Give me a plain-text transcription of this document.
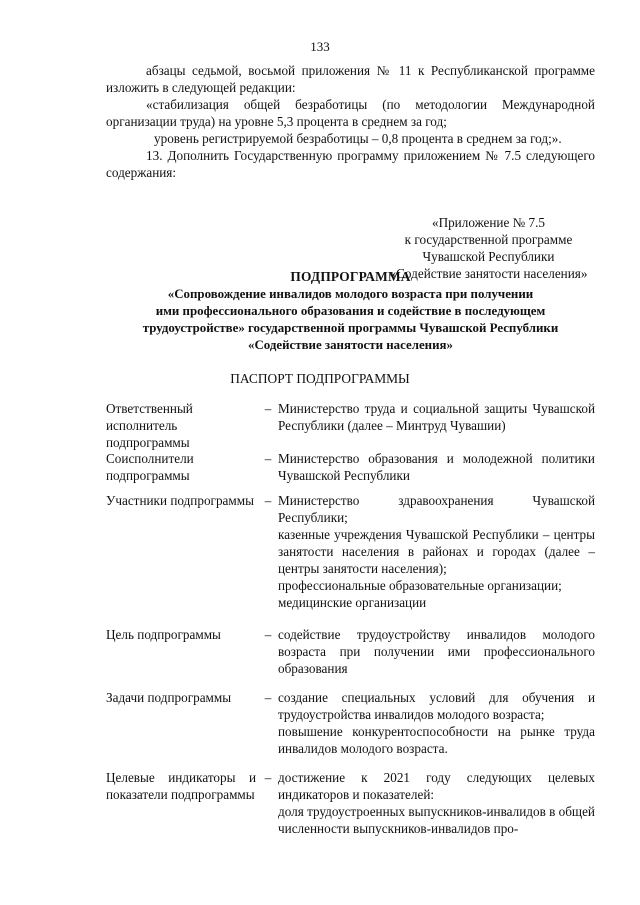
133

абзацы седьмой, восьмой приложения № 11 к Республиканской программе изложить в следующей редакции:

«стабилизация общей безработицы (по методологии Международной организации труда) на уровне 5,3 процента в среднем за год;

уровень регистрируемой безработицы – 0,8 процента в среднем за год;».

13. Дополнить Государственную программу приложением № 7.5 следующего содержания:

«Приложение № 7.5
к государственной программе
Чувашской Республики
«Содействие занятости населения»
ПОДПРОГРАММА
«Сопровождение инвалидов молодого возраста при получении
ими профессионального образования и содействие в последующем
трудоустройстве» государственной программы Чувашской Республики
«Содействие занятости населения»
ПАСПОРТ ПОДПРОГРАММЫ
Ответственный исполнитель подпрограммы
– Министерство труда и социальной защиты Чувашской Республики (далее – Минтруд Чувашии)
Соисполнители подпрограммы
– Министерство образования и молодежной политики Чувашской Республики
Участники подпрограммы – Министерство здравоохранения Чувашской Республики;
казенные учреждения Чувашской Республики – центры занятости населения в районах и городах (далее – центры занятости населения);
профессиональные образовательные организации;
медицинские организации
Цель подпрограммы	– содействие трудоустройству инвалидов молодого возраста при получении ими профессионального образования
Задачи подпрограммы	– создание специальных условий для обучения и трудоустройства инвалидов молодого возраста;
повышение конкурентоспособности на рынке труда инвалидов молодого возраста.
Целевые индикаторы и показатели подпрограммы
– достижение к 2021 году следующих целевых индикаторов и показателей:
доля трудоустроенных выпускников-инвалидов в общей численности выпускников-инвалидов про-
